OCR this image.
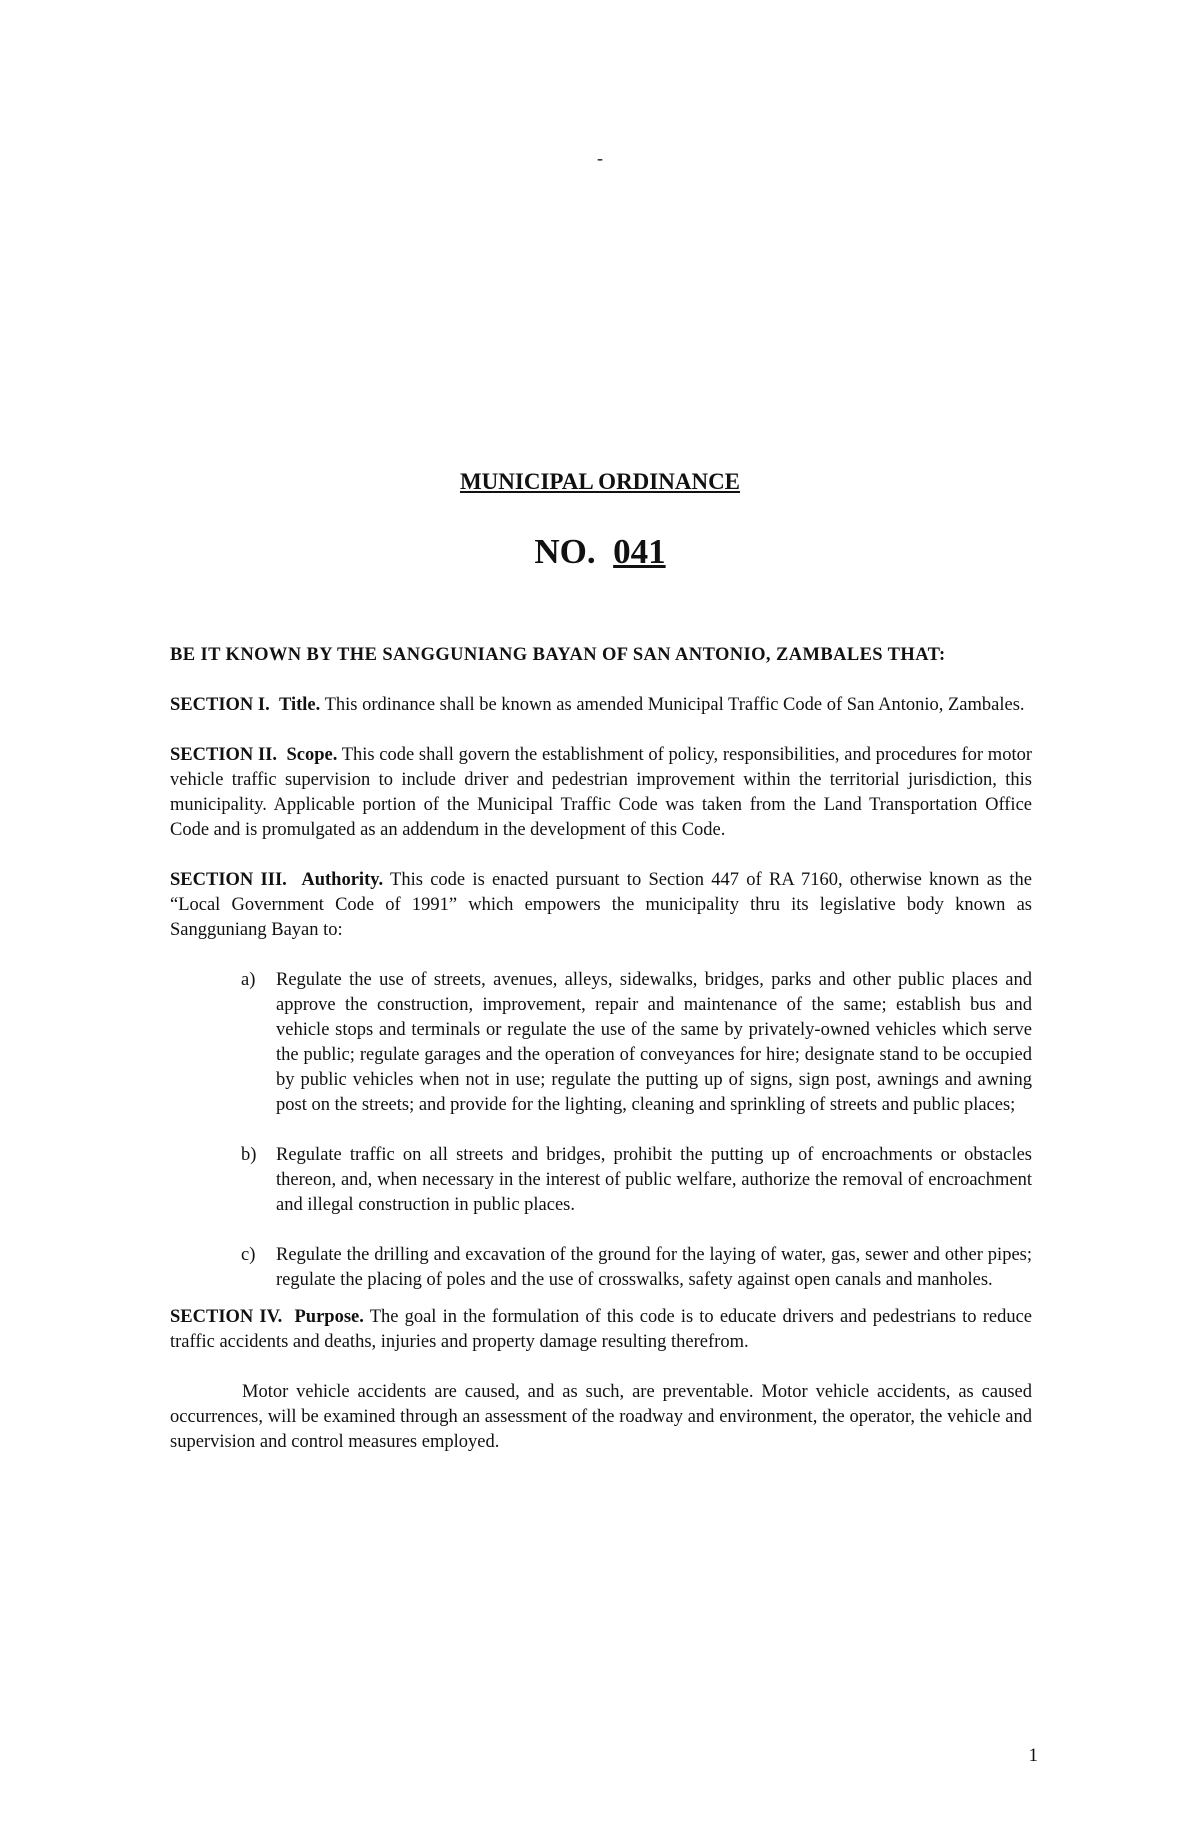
-
MUNICIPAL ORDINANCE
NO. 041

BE IT KNOWN BY THE SANGGUNIANG BAYAN OF SAN ANTONIO, ZAMBALES THAT:

SECTION I. Title. This ordinance shall be known as amended Municipal Traffic Code of San Antonio, Zambales.

SECTION II. Scope. This code shall govern the establishment of policy, responsibilities, and procedures for motor vehicle traffic supervision to include driver and pedestrian improvement within the territorial jurisdiction, this municipality. Applicable portion of the Municipal Traffic Code was taken from the Land Transportation Office Code and is promulgated as an addendum in the development of this Code.

SECTION III. Authority. This code is enacted pursuant to Section 447 of RA 7160, otherwise known as the “Local Government Code of 1991” which empowers the municipality thru its legislative body known as Sangguniang Bayan to:

a)	Regulate the use of streets, avenues, alleys, sidewalks, bridges, parks and other public places and approve the construction, improvement, repair and maintenance of the same; establish bus and vehicle stops and terminals or regulate the use of the same by privately-owned vehicles which serve the public; regulate garages and the operation of conveyances for hire; designate stand to be occupied by public vehicles when not in use; regulate the putting up of signs, sign post, awnings and awning post on the streets; and provide for the lighting, cleaning and sprinkling of streets and public places;
b)	Regulate traffic on all streets and bridges, prohibit the putting up of encroachments or obstacles thereon, and, when necessary in the interest of public welfare, authorize the removal of encroachment and illegal construction in public places.
c)	Regulate the drilling and excavation of the ground for the laying of water, gas, sewer and other pipes; regulate the placing of poles and the use of crosswalks, safety against open canals and manholes.

SECTION IV. Purpose. The goal in the formulation of this code is to educate drivers and pedestrians to reduce traffic accidents and deaths, injuries and property damage resulting therefrom.

Motor vehicle accidents are caused, and as such, are preventable. Motor vehicle accidents, as caused occurrences, will be examined through an assessment of the roadway and environment, the operator, the vehicle and supervision and control measures employed.

1
